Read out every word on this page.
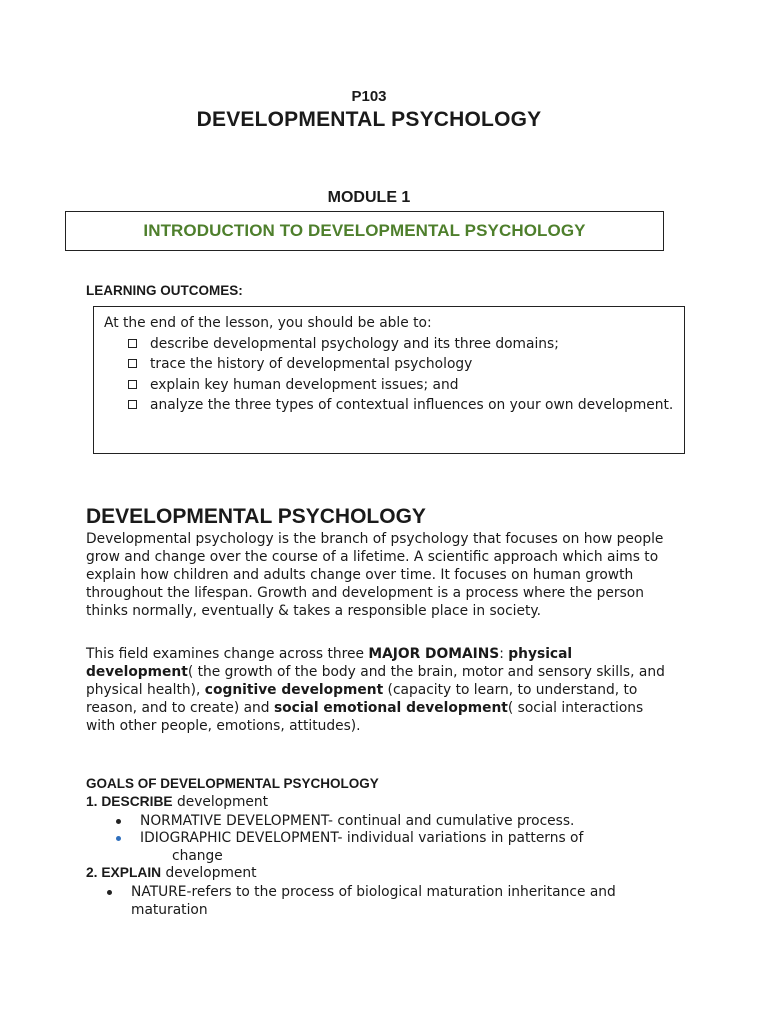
P103
DEVELOPMENTAL PSYCHOLOGY
MODULE 1
INTRODUCTION TO DEVELOPMENTAL PSYCHOLOGY
LEARNING OUTCOMES:

At the end of the lesson, you should be able to:

describe developmental psychology and its three domains;
trace the history of developmental psychology
explain key human development issues; and
analyze the three types of contextual influences on your own development.
DEVELOPMENTAL PSYCHOLOGY

Developmental psychology is the branch of psychology that focuses on how people grow and change over the course of a lifetime. A scientific approach which aims to explain how children and adults change over time. It focuses on human growth throughout the lifespan. Growth and development is a process where the person thinks normally, eventually & takes a responsible place in society.

This field examines change across three MAJOR DOMAINS: physical development( the growth of the body and the brain, motor and sensory skills, and physical health), cognitive development (capacity to learn, to understand, to reason, and to create) and social emotional development( social interactions with other people, emotions, attitudes).

GOALS OF DEVELOPMENTAL PSYCHOLOGY
1. DESCRIBE development
NORMATIVE DEVELOPMENT- continual and cumulative process.
IDIOGRAPHIC DEVELOPMENT- individual variations in patterns of
change
2. EXPLAIN development
NATURE-refers to the process of biological maturation inheritance and maturation
